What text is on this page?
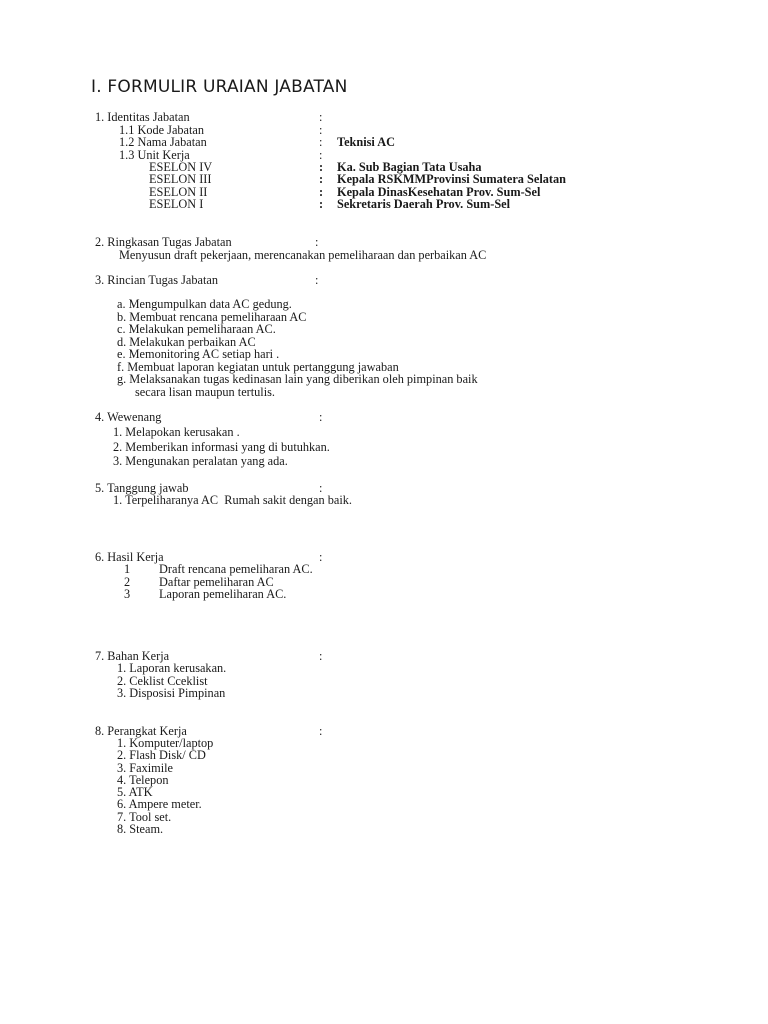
I. FORMULIR URAIAN JABATAN
1. Identitas Jabatan	:
1.1 Kode Jabatan	:
1.2 Nama Jabatan	: Teknisi AC
1.3 Unit Kerja	:
ESELON IV	: Ka. Sub Bagian Tata Usaha
ESELON III	: Kepala RSKMMProvinsi Sumatera Selatan
ESELON II	: Kepala DinasKesehatan Prov. Sum-Sel
ESELON I	: Sekretaris Daerah Prov. Sum-Sel
2. Ringkasan Tugas Jabatan	:
Menyusun draft pekerjaan, merencanakan pemeliharaan dan perbaikan AC
3. Rincian Tugas Jabatan	:
a. Mengumpulkan data AC gedung.
b. Membuat rencana pemeliharaan AC
c. Melakukan pemeliharaan AC.
d. Melakukan perbaikan AC
e. Memonitoring AC setiap hari .
f. Membuat laporan kegiatan untuk pertanggung jawaban
g. Melaksanakan tugas kedinasan lain yang diberikan oleh pimpinan baik
secara lisan maupun tertulis.
4. Wewenang	:
1. Melapokan kerusakan .
2. Memberikan informasi yang di butuhkan.
3. Mengunakan peralatan yang ada.
5. Tanggung jawab	:
1. Terpeliharanya AC  Rumah sakit dengan baik.
6. Hasil Kerja	:
1 Draft rencana pemeliharan AC.
2 Daftar pemeliharan AC
3 Laporan pemeliharan AC.
7. Bahan Kerja	:
1. Laporan kerusakan.
2. Ceklist Cceklist
3. Disposisi Pimpinan
8. Perangkat Kerja	:
1. Komputer/laptop
2. Flash Disk/ CD
3. Faximile
4. Telepon
5. ATK
6. Ampere meter.
7. Tool set.
8. Steam.
